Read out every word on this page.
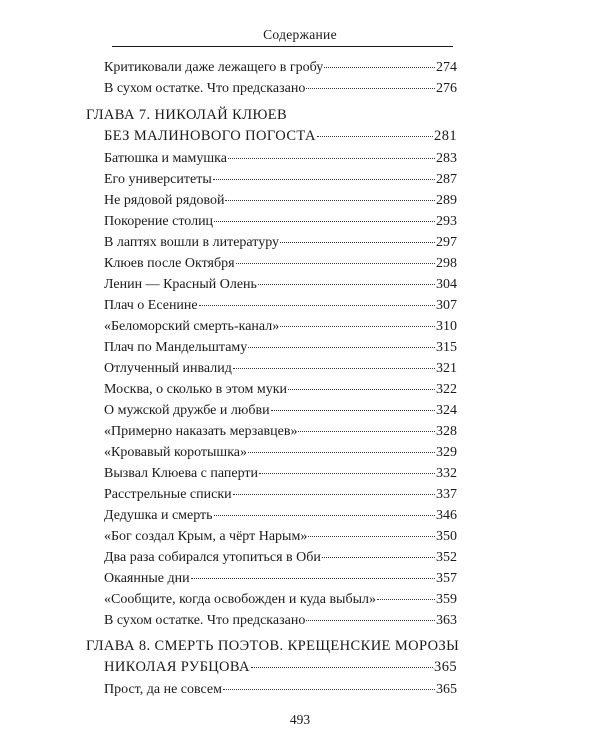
Содержание
Критиковали даже лежащего в гробу	274
В сухом остатке. Что предсказано	276
ГЛАВА 7. НИКОЛАЙ КЛЮЕВ
БЕЗ МАЛИНОВОГО ПОГОСТА	281
Батюшка и мамушка	283
Его университеты	287
Не рядовой рядовой	289
Покорение столиц	293
В лаптях вошли в литературу	297
Клюев после Октября	298
Ленин — Красный Олень	304
Плач о Есенине	307
«Беломорский смерть-канал»	310
Плач по Мандельштаму	315
Отлученный инвалид	321
Москва, о сколько в этом муки	322
О мужской дружбе и любви	324
«Примерно наказать мерзавцев»	328
«Кровавый коротышка»	329
Вызвал Клюева с паперти	332
Расстрельные списки	337
Дедушка и смерть	346
«Бог создал Крым, а чёрт Нарым»	350
Два раза собирался утопиться в Оби	352
Окаянные дни	357
«Сообщите, когда освобожден и куда выбыл»	359
В сухом остатке. Что предсказано	363
ГЛАВА 8. СМЕРТЬ ПОЭТОВ. КРЕЩЕНСКИЕ МОРОЗЫ
НИКОЛАЯ РУБЦОВА	365
Прост, да не совсем	365
493
